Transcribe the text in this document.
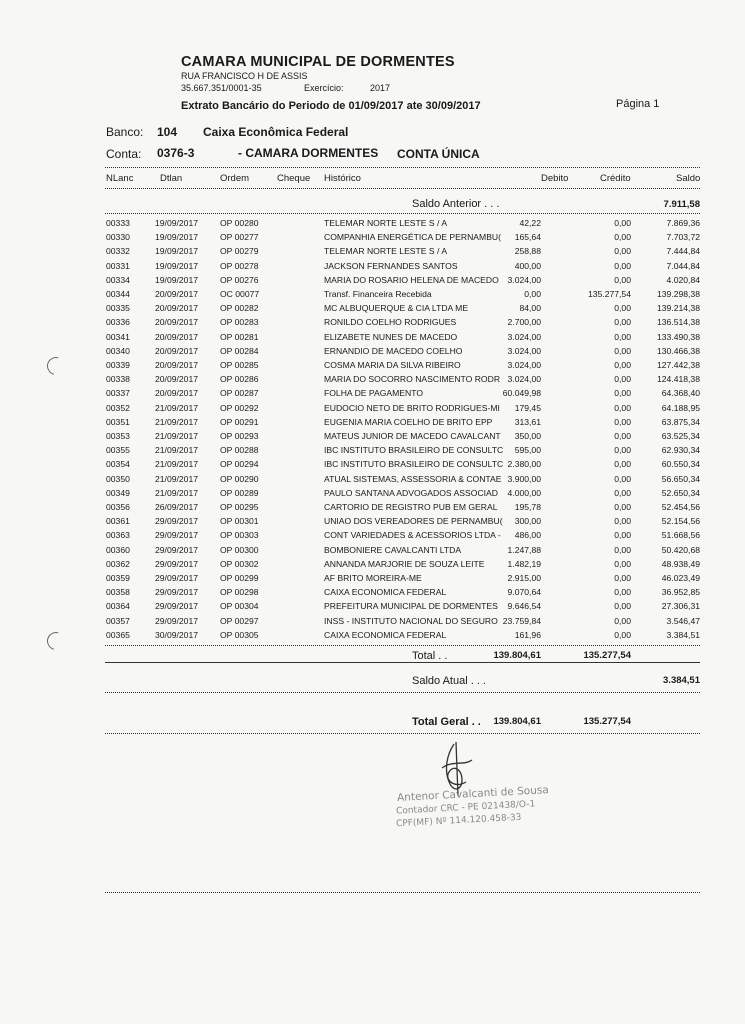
CAMARA MUNICIPAL DE DORMENTES
RUA FRANCISCO H DE ASSIS
35.667.351/0001-35	Exercício:	2017
Extrato Bancário do Periodo de 01/09/2017 ate 30/09/2017	Página 1
Banco: 104 Caixa Econômica Federal
Conta: 0376-3	- CAMARA DORMENTES CONTA ÚNICA
NLanc	Dtlan	Ordem	Cheque Histórico	Debito	Crédito	Saldo
Saldo Anterior . . .	7.911,58
00333	19/09/2017	OP 00280	TELEMAR NORTE LESTE S / A	42,22	0,00	7.869,36
00330	19/09/2017	OP 00277	COMPANHIA ENERGÉTICA DE PERNAMBU(	165,64	0,00	7.703,72
00332	19/09/2017	OP 00279	TELEMAR NORTE LESTE S / A	258,88	0,00	7.444,84
00331	19/09/2017	OP 00278	JACKSON FERNANDES SANTOS	400,00	0,00	7.044,84
00334	19/09/2017	OP 00276	MARIA DO ROSARIO HELENA DE MACEDO	3.024,00	0,00	4.020,84
00344	20/09/2017	OC 00077	Transf. Financeira Recebida	0,00	135.277,54	139.298,38
00335	20/09/2017	OP 00282	MC ALBUQUERQUE & CIA LTDA ME	84,00	0,00	139.214,38
00336	20/09/2017	OP 00283	RONILDO COELHO RODRIGUES	2.700,00	0,00	136.514,38
00341	20/09/2017	OP 00281	ELIZABETE NUNES DE MACEDO	3.024,00	0,00	133.490,38
00340	20/09/2017	OP 00284	ERNANDIO DE MACEDO COELHO	3.024,00	0,00	130.466,38
00339	20/09/2017	OP 00285	COSMA MARIA DA SILVA RIBEIRO	3.024,00	0,00	127.442,38
00338	20/09/2017	OP 00286	MARIA DO SOCORRO NASCIMENTO RODR 3.024,00	0,00	124.418,38
00337	20/09/2017	OP 00287	FOLHA DE PAGAMENTO	60.049,98	0,00	64.368,40
00352	21/09/2017	OP 00292	EUDOCIO NETO DE BRITO RODRIGUES-MI	179,45	0,00	64.188,95
00351	21/09/2017	OP 00291	EUGENIA MARIA COELHO DE BRITO EPP	313,61	0,00	63.875,34
00353	21/09/2017	OP 00293	MATEUS JUNIOR DE MACEDO CAVALCANT	350,00	0,00	63.525,34
00355	21/09/2017	OP 00288	IBC INSTITUTO BRASILEIRO DE CONSULTC	595,00	0,00	62.930,34
00354	21/09/2017	OP 00294	IBC INSTITUTO BRASILEIRO DE CONSULTC 2.380,00	0,00	60.550,34
00350	21/09/2017	OP 00290	ATUAL SISTEMAS, ASSESSORIA & CONTAE 3.900,00	0,00	56.650,34
00349	21/09/2017	OP 00289	PAULO SANTANA ADVOGADOS ASSOCIAD	4.000,00	0,00	52.650,34
00356	26/09/2017	OP 00295	CARTORIO DE REGISTRO PUB EM GERAL	195,78	0,00	52.454,56
00361	29/09/2017	OP 00301	UNIAO DOS VEREADORES DE PERNAMBU(	300,00	0,00	52.154,56
00363	29/09/2017	OP 00303	CONT VARIEDADES & ACESSORIOS LTDA -	486,00	0,00	51.668,56
00360	29/09/2017	OP 00300	BOMBONIERE CAVALCANTI LTDA	1.247,88	0,00	50.420,68
00362	29/09/2017	OP 00302	ANNANDA MARJORIE DE SOUZA LEITE	1.482,19	0,00	48.938,49
00359	29/09/2017	OP 00299	AF BRITO MOREIRA-ME	2.915,00	0,00	46.023,49
00358	29/09/2017	OP 00298	CAIXA ECONOMICA FEDERAL	9.070,64	0,00	36.952,85
00364	29/09/2017	OP 00304	PREFEITURA MUNICIPAL DE DORMENTES	9.646,54	0,00	27.306,31
00357	29/09/2017	OP 00297	INSS - INSTITUTO NACIONAL DO SEGURO 23.759,84	0,00	3.546,47
00365	30/09/2017	OP 00305	CAIXA ECONOMICA FEDERAL	161,96	0,00	3.384,51
Total . .	139.804,61	135.277,54
Saldo Atual . . .	3.384,51
Total Geral . .	139.804,61	135.277,54
Antenor Cavalcanti de Sousa
Contador CRC - PE 021438/O-1
CPF(MF) Nº 114.120.458-33
